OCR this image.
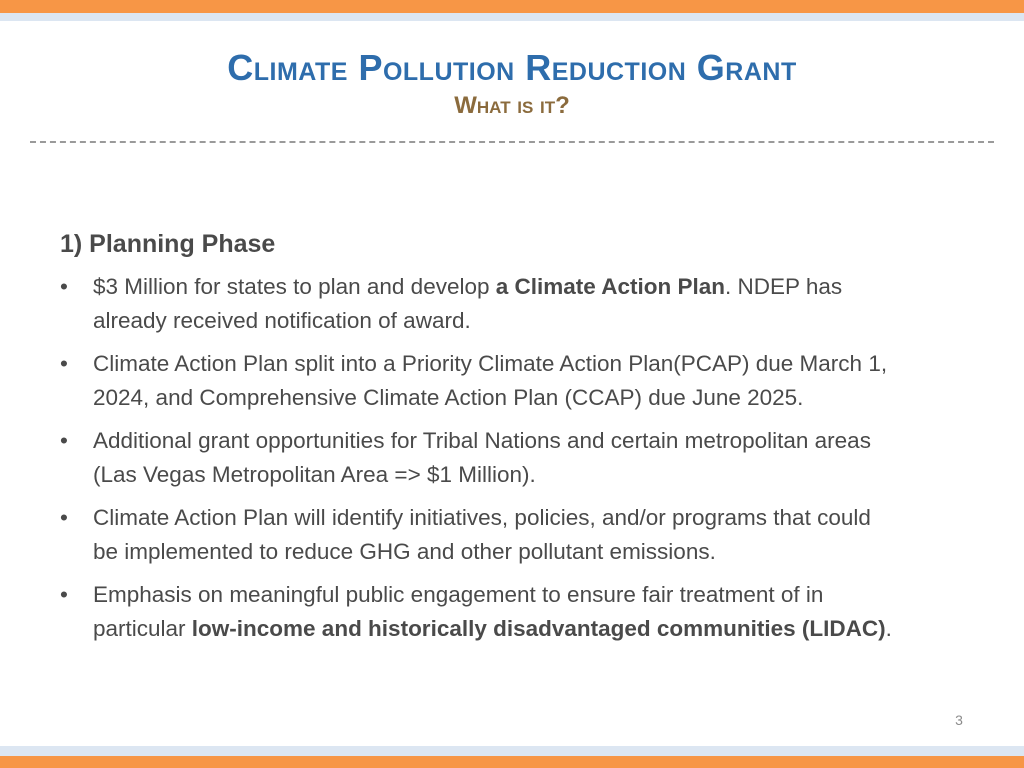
Climate Pollution Reduction Grant
What is it?
1) Planning Phase
•	$3 Million for states to plan and develop a Climate Action Plan. NDEP has
already received notification of award.
•	Climate Action Plan split into a Priority Climate Action Plan(PCAP) due March 1,
2024, and Comprehensive Climate Action Plan (CCAP) due June 2025.
•	Additional grant opportunities for Tribal Nations and certain metropolitan areas
(Las Vegas Metropolitan Area => $1 Million).
•	Climate Action Plan will identify initiatives, policies, and/or programs that could
be implemented to reduce GHG and other pollutant emissions.
•	Emphasis on meaningful public engagement to ensure fair treatment of in
particular low-income and historically disadvantaged communities (LIDAC).
3
